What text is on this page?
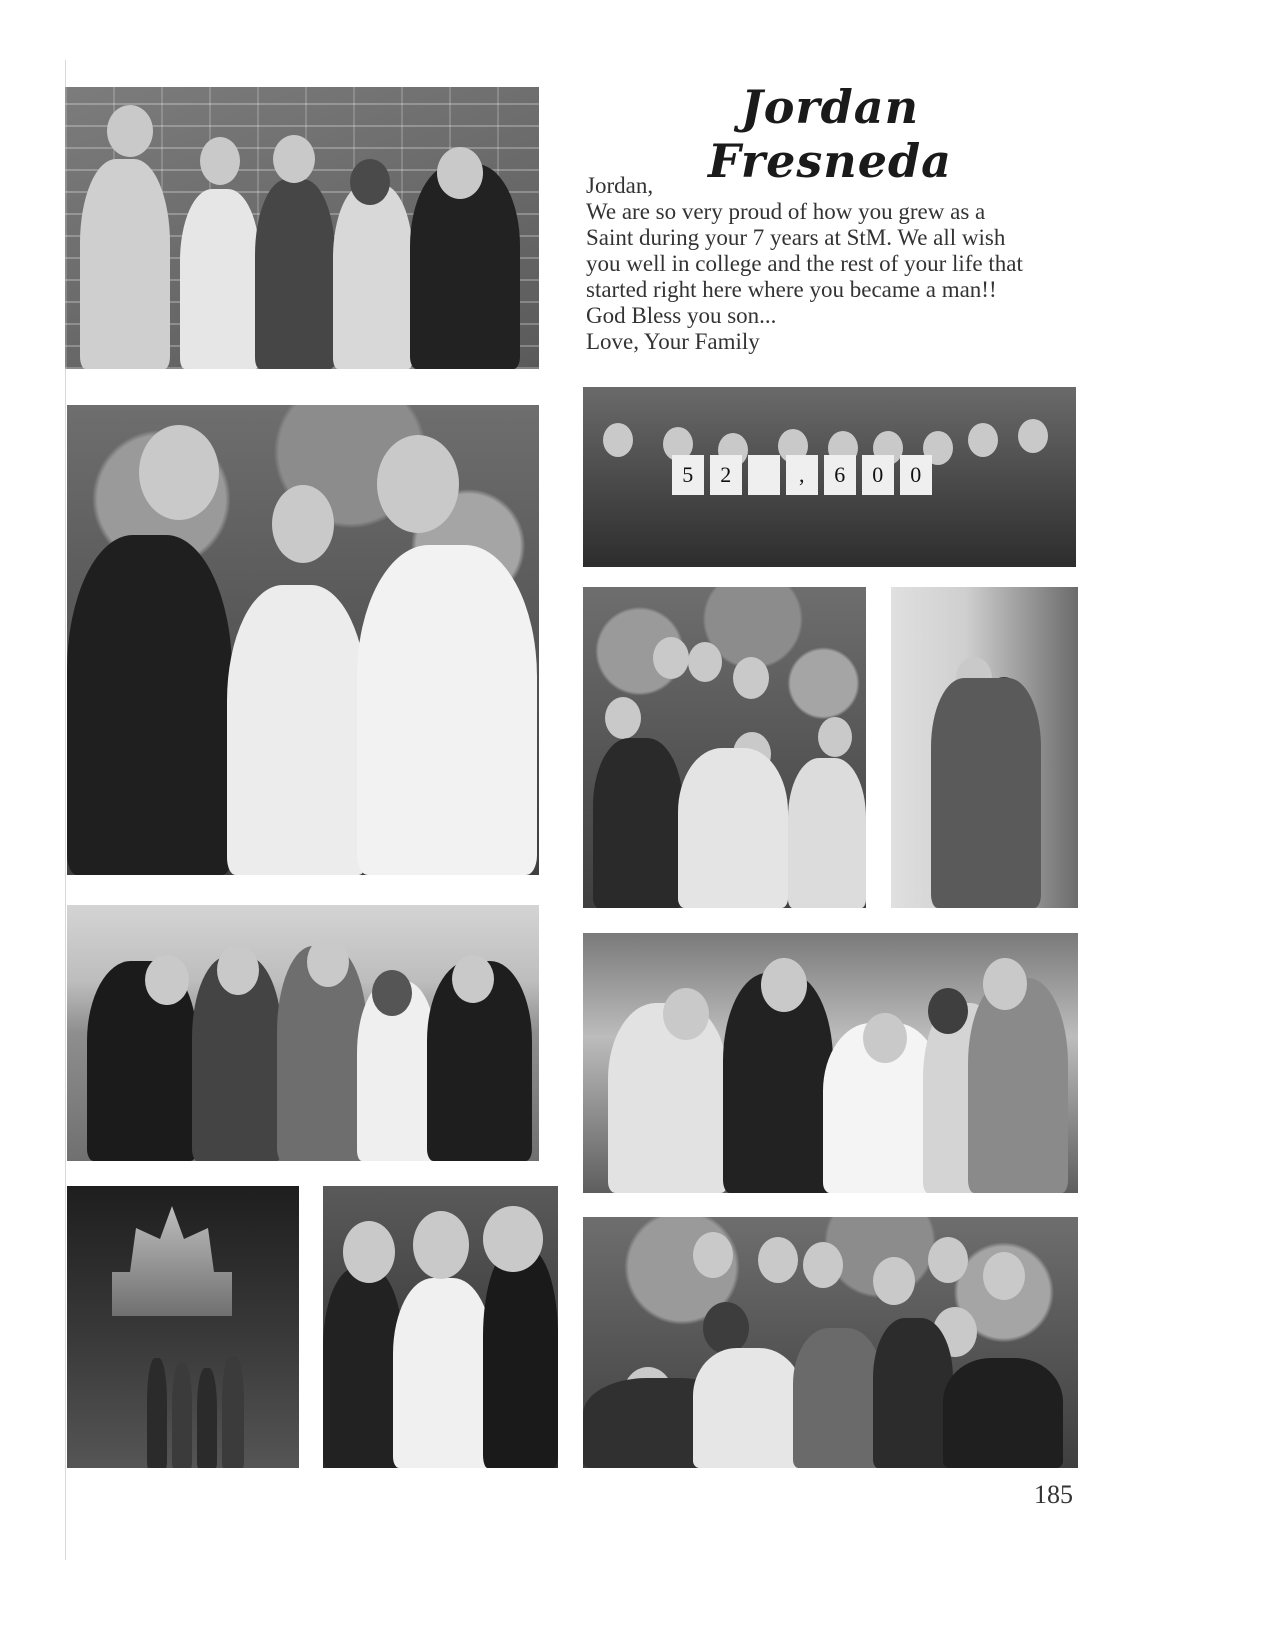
Jordan Fresneda
Jordan,
We are so very proud of how you grew as a
Saint during your 7 years at StM. We all wish
you well in college and the rest of your life that
started right here where you became a man!!
God Bless you son...
Love, Your Family
5	2	,	6	0	0
185
